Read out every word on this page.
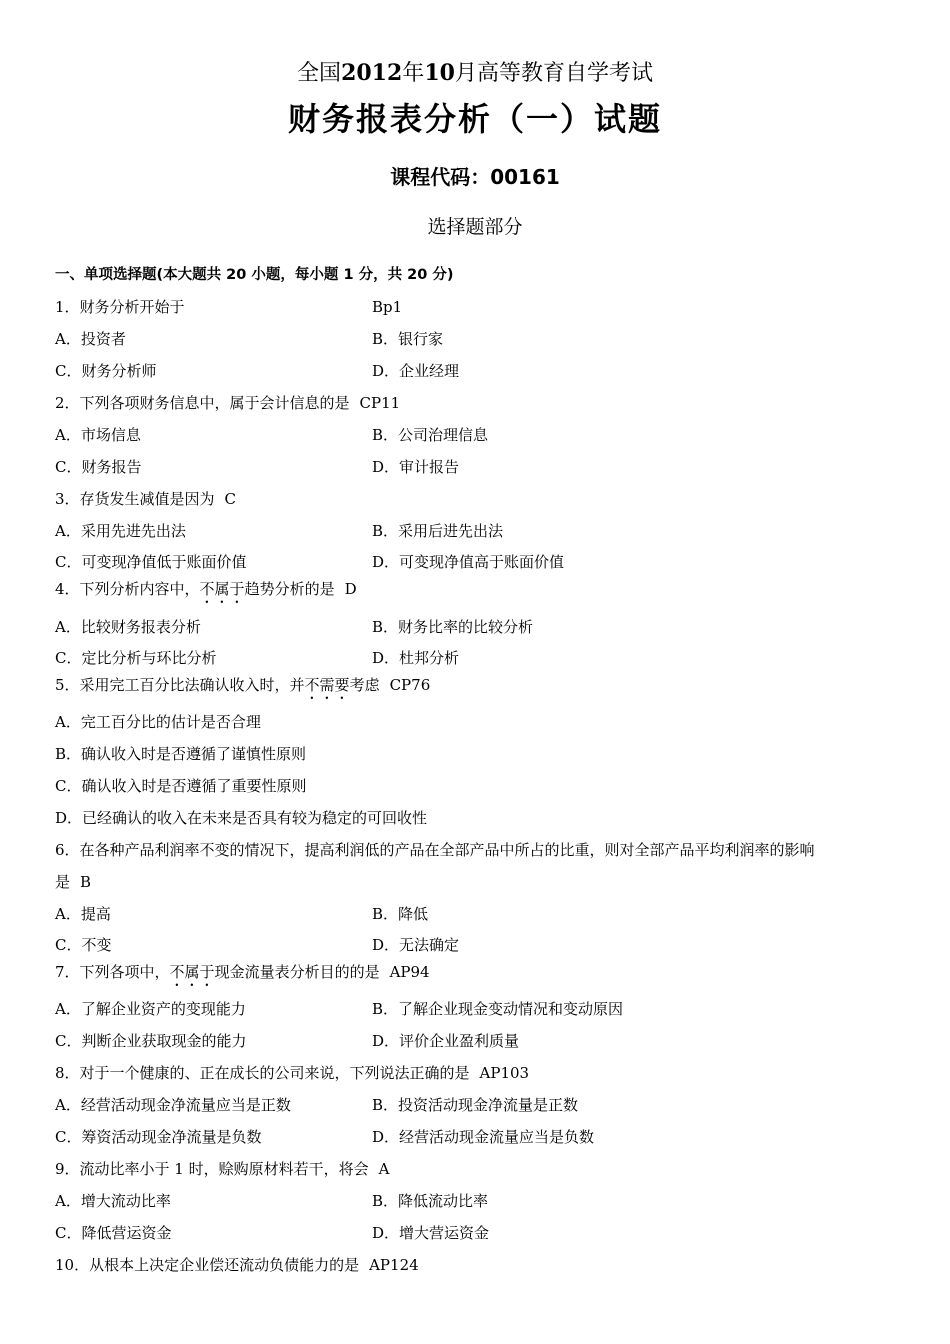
全国2012年10月高等教育自学考试
财务报表分析（一）试题
课程代码：00161
选择题部分
一、单项选择题(本大题共 20 小题，每小题 1 分，共 20 分)
1．财务分析开始于	Bp1
A．投资者	B．银行家
C．财务分析师	D．企业经理
2．下列各项财务信息中，属于会计信息的是 CP11
A．市场信息	B．公司治理信息
C．财务报告	D．审计报告
3．存货发生减值是因为 C
A．采用先进先出法	B．采用后进先出法
C．可变现净值低于账面价值	D．可变现净值高于账面价值
4．下列分析内容中，不属于趋势分析的是 D
A．比较财务报表分析	B．财务比率的比较分析
C．定比分析与环比分析	D．杜邦分析
5．采用完工百分比法确认收入时，并不需要考虑 CP76
A．完工百分比的估计是否合理
B．确认收入时是否遵循了谨慎性原则
C．确认收入时是否遵循了重要性原则
D．已经确认的收入在未来是否具有较为稳定的可回收性
6．在各种产品利润率不变的情况下，提高利润低的产品在全部产品中所占的比重，则对全部产品平均利润率的影响
是 B
A．提高	B．降低
C．不变	D．无法确定
7．下列各项中，不属于现金流量表分析目的的是 AP94
A．了解企业资产的变现能力	B．了解企业现金变动情况和变动原因
C．判断企业获取现金的能力	D．评价企业盈利质量
8．对于一个健康的、正在成长的公司来说，下列说法正确的是 AP103
A．经营活动现金净流量应当是正数	B．投资活动现金净流量是正数
C．筹资活动现金净流量是负数	D．经营活动现金流量应当是负数
9．流动比率小于 1 时，赊购原材料若干，将会 A
A．增大流动比率	B．降低流动比率
C．降低营运资金	D．增大营运资金
10．从根本上决定企业偿还流动负债能力的是 AP124
